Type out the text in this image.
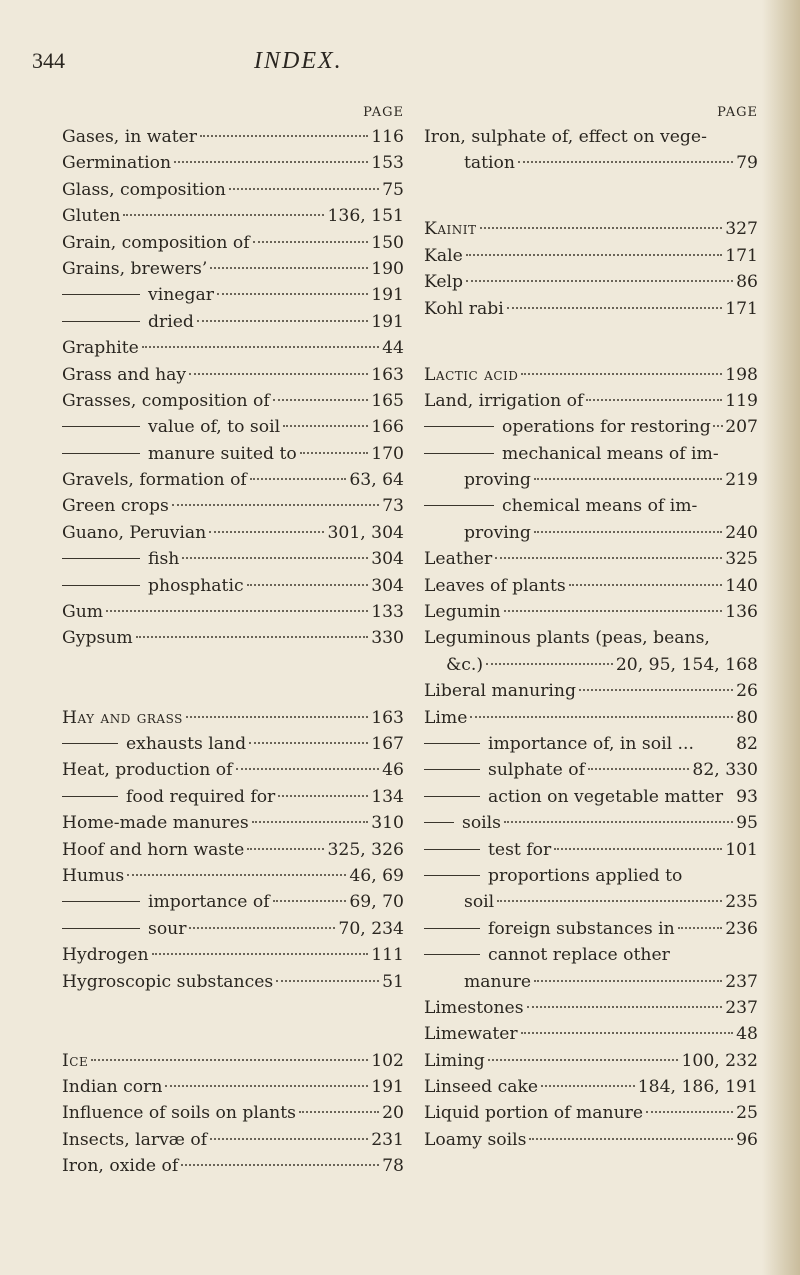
344	INDEX.
PAGE
Gases, in water	116
Germination	153
Glass, composition	75
Gluten	136, 151
Grain, composition of	150
Grains, brewers’	190
vinegar	191
dried	191
Graphite	44
Grass and hay	163
Grasses, composition of	165
value of, to soil	166
manure suited to	170
Gravels, formation of	63, 64
Green crops	73
Guano, Peruvian	301, 304
fish	304
phosphatic	304
Gum	133
Gypsum	330
Hay and grass	163
exhausts land	167
Heat, production of	46
food required for	134
Home-made manures	310
Hoof and horn waste	325, 326
Humus	46, 69
importance of	69, 70
sour	70, 234
Hydrogen	111
Hygroscopic substances	51
Ice	102
Indian corn	191
Influence of soils on plants	20
Insects, larvæ of	231
Iron, oxide of	78
PAGE
Iron, sulphate of, effect on vege-
tation	79
Kainit	327
Kale	171
Kelp	86
Kohl rabi	171
Lactic acid	198
Land, irrigation of	119
operations for restoring 207
mechanical means of im-
proving	219
chemical means of im-
proving	240
Leather	325
Leaves of plants	140
Legumin	136
Leguminous plants (peas, beans,
&c.)	20, 95, 154, 168
Liberal manuring	26
Lime	80
importance of, in soil ... 82
sulphate of	82, 330
action on vegetable matter 93
soils	95
test for	101
proportions applied to
soil	235
foreign substances in	236
cannot replace other
manure	237
Limestones	237
Limewater	48
Liming	100, 232
Linseed cake	184, 186, 191
Liquid portion of manure	25
Loamy soils	96
